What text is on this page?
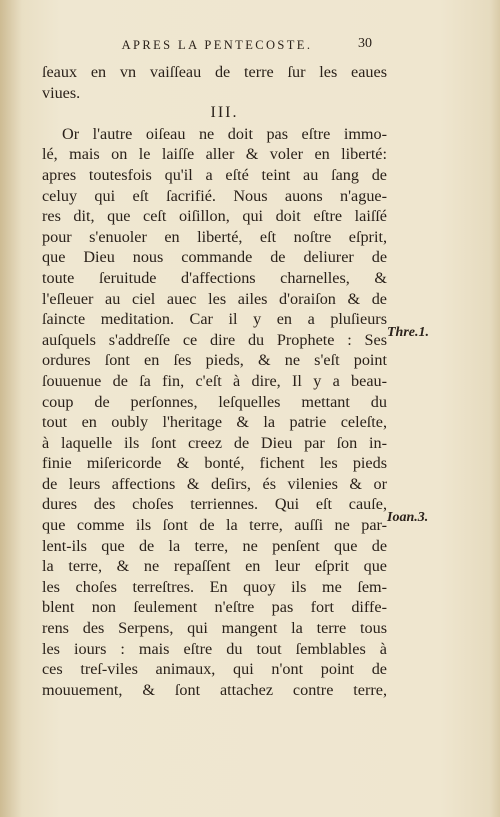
APRES LA PENTECOSTE.	30
ſeaux en vn vaiſſeau de terre ſur les eaues
viues.
III.
Or l'autre oiſeau ne doit pas eſtre immo-
lé, mais on le laiſſe aller & voler en liberté:
apres toutesfois qu'il a eſté teint au ſang de
celuy qui eſt ſacrifié. Nous auons n'ague-
res dit, que ceſt oiſillon, qui doit eſtre laiſſé
pour s'enuoler en liberté, eſt noſtre eſprit,
que Dieu nous commande de deliurer de
toute ſeruitude d'affections charnelles, &
l'eſleuer au ciel auec les ailes d'oraiſon & de
ſaincte meditation. Car il y en a pluſieurs
auſquels s'addreſſe ce dire du Prophete : Ses
ordures ſont en ſes pieds, & ne s'eſt point
ſouuenue de ſa fin, c'eſt à dire, Il y a beau-
coup de perſonnes, leſquelles mettant du
tout en oubly l'heritage & la patrie celeſte,
à laquelle ils ſont creez de Dieu par ſon in-
finie miſericorde & bonté, fichent les pieds
de leurs affections & deſirs, és vilenies & or
dures des choſes terriennes. Qui eſt cauſe,
que comme ils ſont de la terre, auſſi ne par-
lent-ils que de la terre, ne penſent que de
la terre, & ne repaſſent en leur eſprit que
les choſes terreſtres. En quoy ils me ſem-
blent non ſeulement n'eſtre pas fort diffe-
rens des Serpens, qui mangent la terre tous
les iours : mais eſtre du tout ſemblables à
ces treſ-viles animaux, qui n'ont point de
mouuement, & ſont attachez contre terre,
Thre.1.
Ioan.3.
